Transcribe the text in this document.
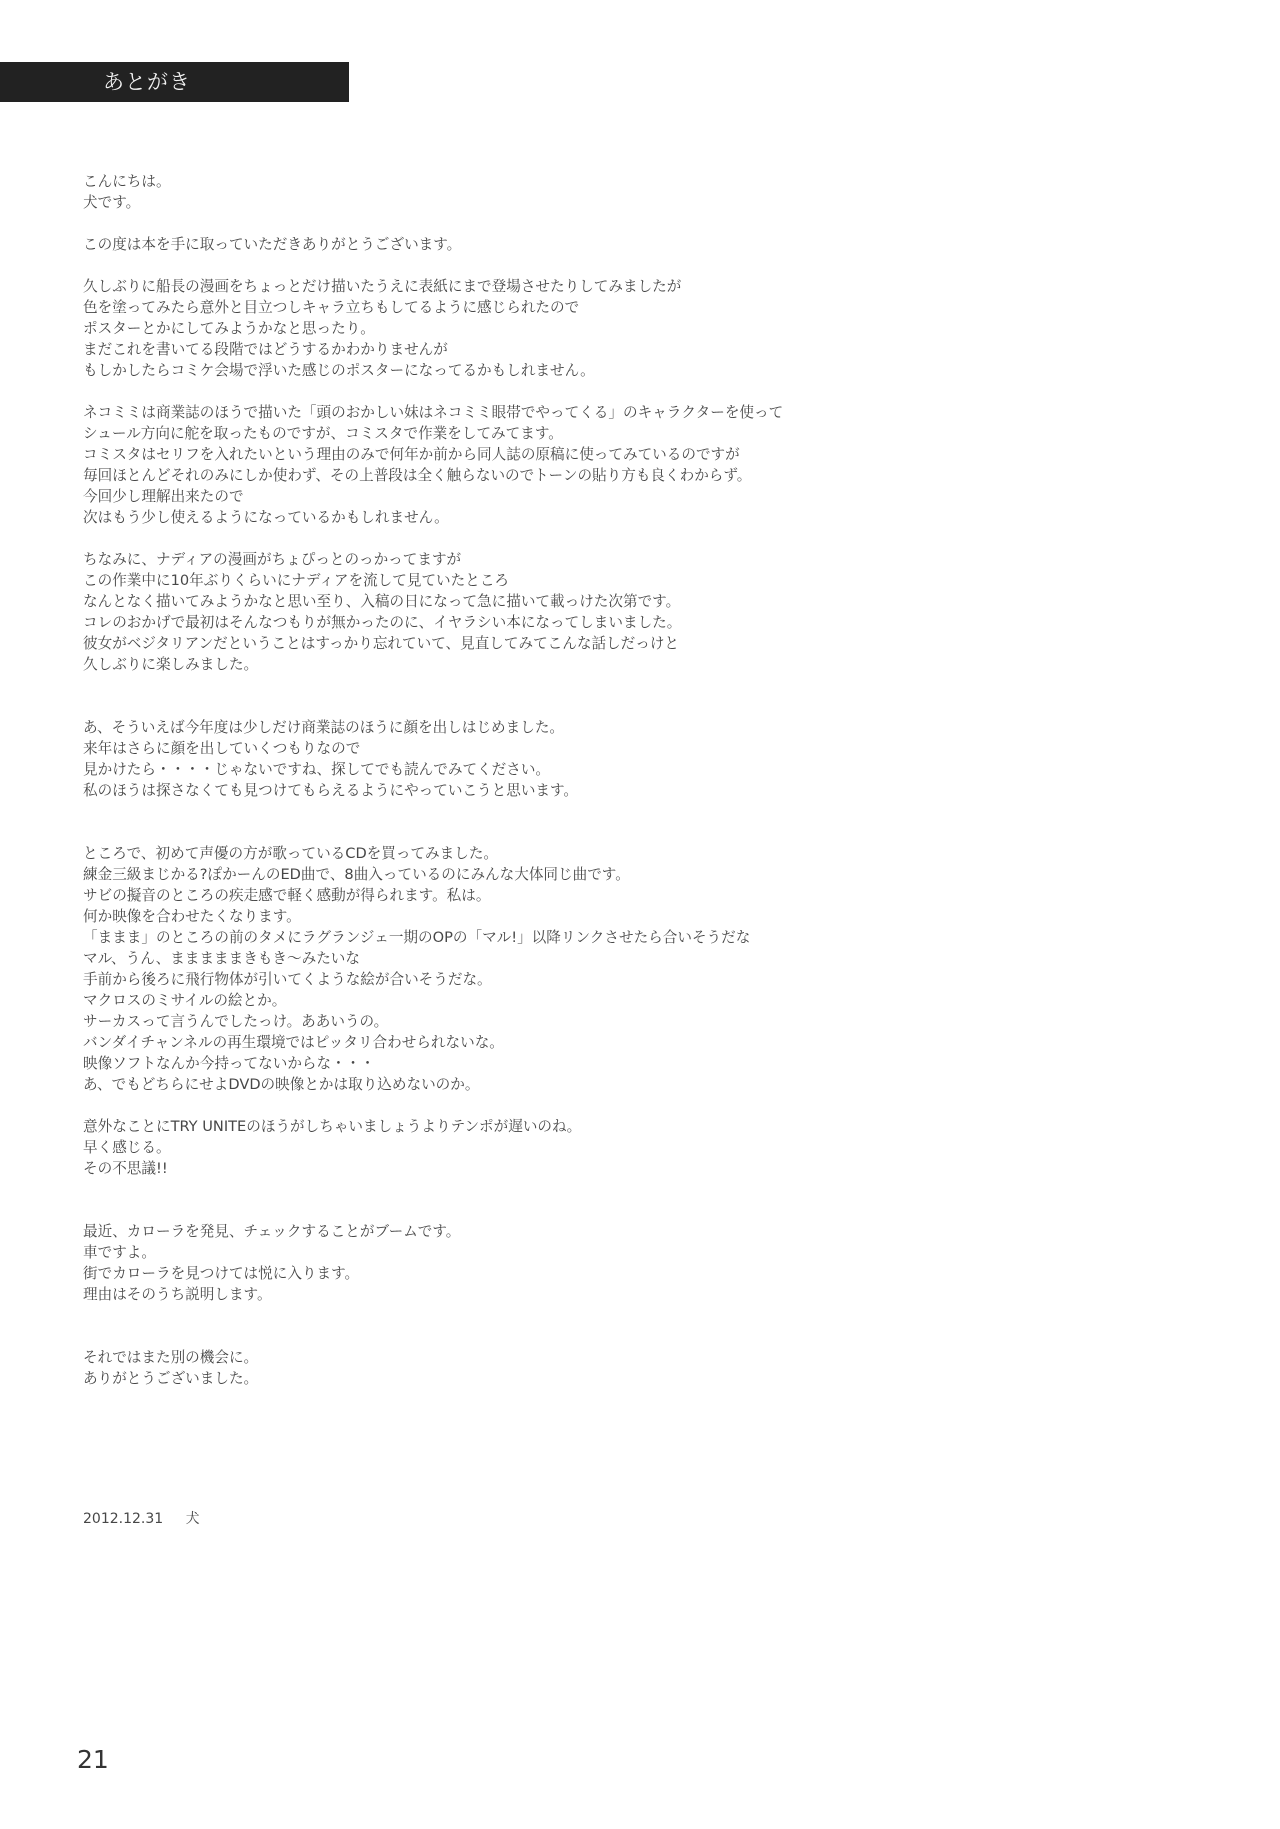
あとがき
こんにちは。
犬です。
この度は本を手に取っていただきありがとうございます。
久しぶりに船長の漫画をちょっとだけ描いたうえに表紙にまで登場させたりしてみましたが
色を塗ってみたら意外と目立つしキャラ立ちもしてるように感じられたので
ポスターとかにしてみようかなと思ったり。
まだこれを書いてる段階ではどうするかわかりませんが
もしかしたらコミケ会場で浮いた感じのポスターになってるかもしれません。
ネコミミは商業誌のほうで描いた「頭のおかしい妹はネコミミ眼帯でやってくる」のキャラクターを使って
シュール方向に舵を取ったものですが、コミスタで作業をしてみてます。
コミスタはセリフを入れたいという理由のみで何年か前から同人誌の原稿に使ってみているのですが
毎回ほとんどそれのみにしか使わず、その上普段は全く触らないのでトーンの貼り方も良くわからず。
今回少し理解出来たので
次はもう少し使えるようになっているかもしれません。
ちなみに、ナディアの漫画がちょぴっとのっかってますが
この作業中に10年ぶりくらいにナディアを流して見ていたところ
なんとなく描いてみようかなと思い至り、入稿の日になって急に描いて載っけた次第です。
コレのおかげで最初はそんなつもりが無かったのに、イヤラシい本になってしまいました。
彼女がベジタリアンだということはすっかり忘れていて、見直してみてこんな話しだっけと
久しぶりに楽しみました。
あ、そういえば今年度は少しだけ商業誌のほうに顔を出しはじめました。
来年はさらに顔を出していくつもりなので
見かけたら・・・・じゃないですね、探してでも読んでみてください。
私のほうは探さなくても見つけてもらえるようにやっていこうと思います。
ところで、初めて声優の方が歌っているCDを買ってみました。
練金三級まじかる?ぽかーんのED曲で、8曲入っているのにみんな大体同じ曲です。
サビの擬音のところの疾走感で軽く感動が得られます。私は。
何か映像を合わせたくなります。
「ままま」のところの前のタメにラグランジェ一期のOPの「マル!」以降リンクさせたら合いそうだな
マル、うん、まままままきもき～みたいな
手前から後ろに飛行物体が引いてくような絵が合いそうだな。
マクロスのミサイルの絵とか。
サーカスって言うんでしたっけ。ああいうの。
バンダイチャンネルの再生環境ではピッタリ合わせられないな。
映像ソフトなんか今持ってないからな・・・
あ、でもどちらにせよDVDの映像とかは取り込めないのか。
意外なことにTRY UNITEのほうがしちゃいましょうよりテンポが遅いのね。
早く感じる。
その不思議!!
最近、カローラを発見、チェックすることがブームです。
車ですよ。
街でカローラを見つけては悦に入ります。
理由はそのうち説明します。
それではまた別の機会に。
ありがとうございました。
2012.12.31 犬
21
